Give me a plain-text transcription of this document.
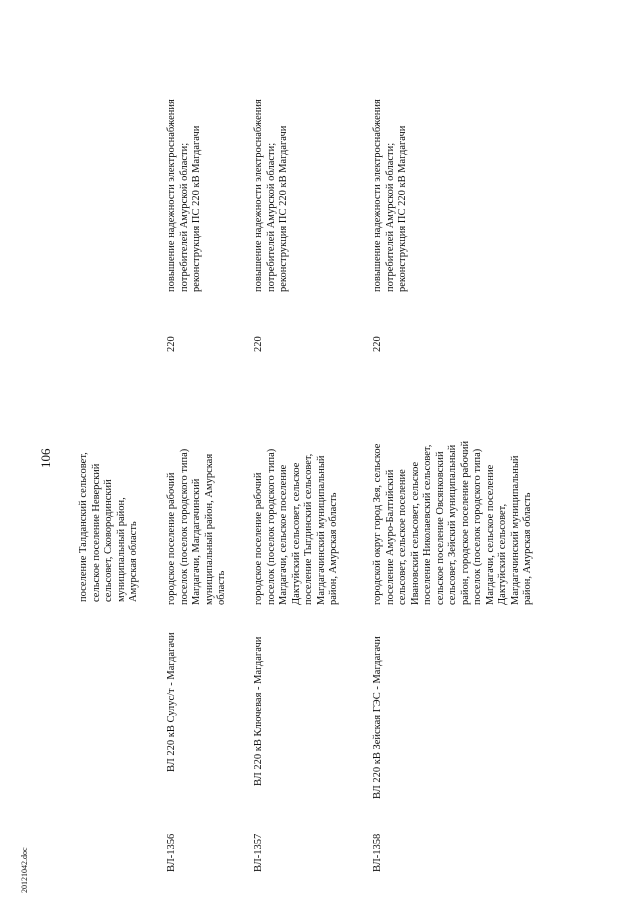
106
20121042.doc
поселение Талданский сельсовет,
сельское поселение Неверский
сельсовет, Сковородинский
муниципальный район,
Амурская область
ВЛ-1356
ВЛ 220 кВ Сулус/т - Магдагачи
городское поселение рабочий
поселок (поселок городского типа)
Магдагачи, Магдагачинский
муниципальный район, Амурская
область
220
повышение надежности электроснабжения
потребителей Амурской области;
реконструкция ПС 220 кВ Магдагачи
ВЛ-1357
ВЛ 220 кВ Ключевая - Магдагачи
городское поселение рабочий
поселок (поселок городского типа)
Магдагачи, сельское поселение
Дактуйский сельсовет, сельское
поселение Тыгдинский сельсовет,
Магдагачинский муниципальный
район, Амурская область
220
повышение надежности электроснабжения
потребителей Амурской области;
реконструкция ПС 220 кВ Магдагачи
ВЛ-1358
ВЛ 220 кВ Зейская ГЭС - Магдагачи
городской округ город Зея, сельское
поселение Амуро-Балтийский
сельсовет, сельское поселение
Ивановский сельсовет, сельское
поселение Николаевский сельсовет,
сельское поселение Овсянковский
сельсовет, Зейский муниципальный
район, городское поселение рабочий
поселок (поселок городского типа)
Магдагачи, сельское поселение
Дактуйский сельсовет,
Магдагачинский муниципальный
район, Амурская область
220
повышение надежности электроснабжения
потребителей Амурской области;
реконструкция ПС 220 кВ Магдагачи
